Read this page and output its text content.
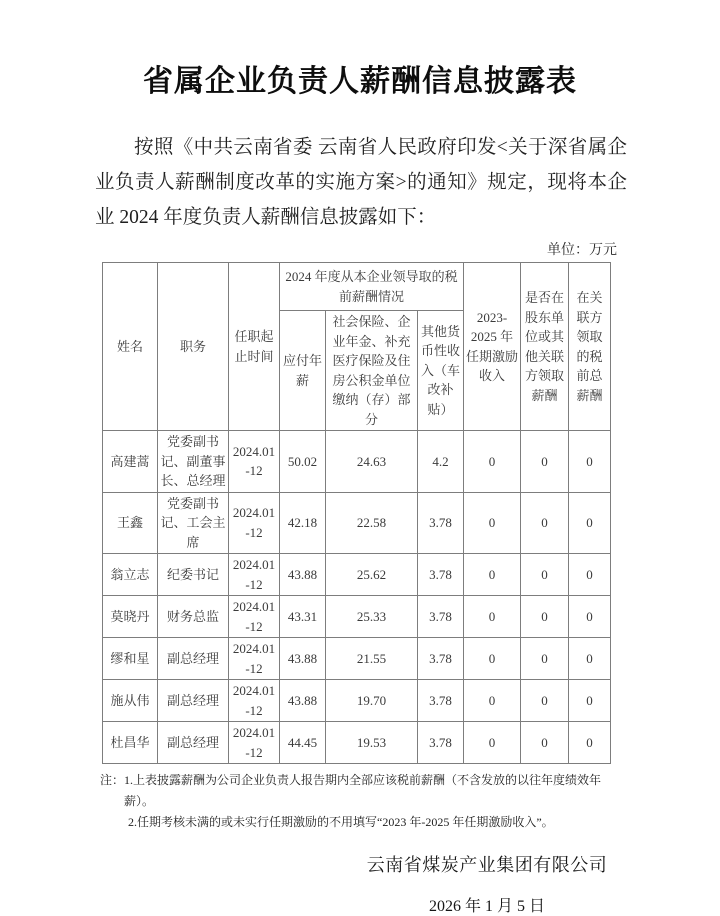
省属企业负责人薪酬信息披露表

按照《中共云南省委 云南省人民政府印发<关于深省属企业负责人薪酬制度改革的实施方案>的通知》规定，现将本企业 2024 年度负责人薪酬信息披露如下：

单位：万元
姓名	职务	任职起止时间	2024 年度从本企业领导取的税前薪酬情况			2023-2025 年任期激励收入	是否在股东单位或其他关联方领取薪酬	在关联方领取的税前总薪酬
			应付年薪	社会保险、企业年金、补充医疗保险及住房公积金单位缴纳（存）部分	其他货币性收入（车改补贴）			
高建蒿	党委副书记、副董事长、总经理	2024.01-12	50.02	24.63	4.2	0	0	0
王鑫	党委副书记、工会主席	2024.01-12	42.18	22.58	3.78	0	0	0
翁立志	纪委书记	2024.01-12	43.88	25.62	3.78	0	0	0
莫晓丹	财务总监	2024.01-12	43.31	25.33	3.78	0	0	0
缪和星	副总经理	2024.01-12	43.88	21.55	3.78	0	0	0
施从伟	副总经理	2024.01-12	43.88	19.70	3.78	0	0	0
杜昌华	副总经理	2024.01-12	44.45	19.53	3.78	0	0	0
注： 1.上表披露薪酬为公司企业负责人报告期内全部应该税前薪酬（不含发放的以往年度绩效年薪）。
2.任期考核未满的或未实行任期激励的不用填写“2023 年-2025 年任期激励收入”。
云南省煤炭产业集团有限公司
2026 年 1 月 5 日
